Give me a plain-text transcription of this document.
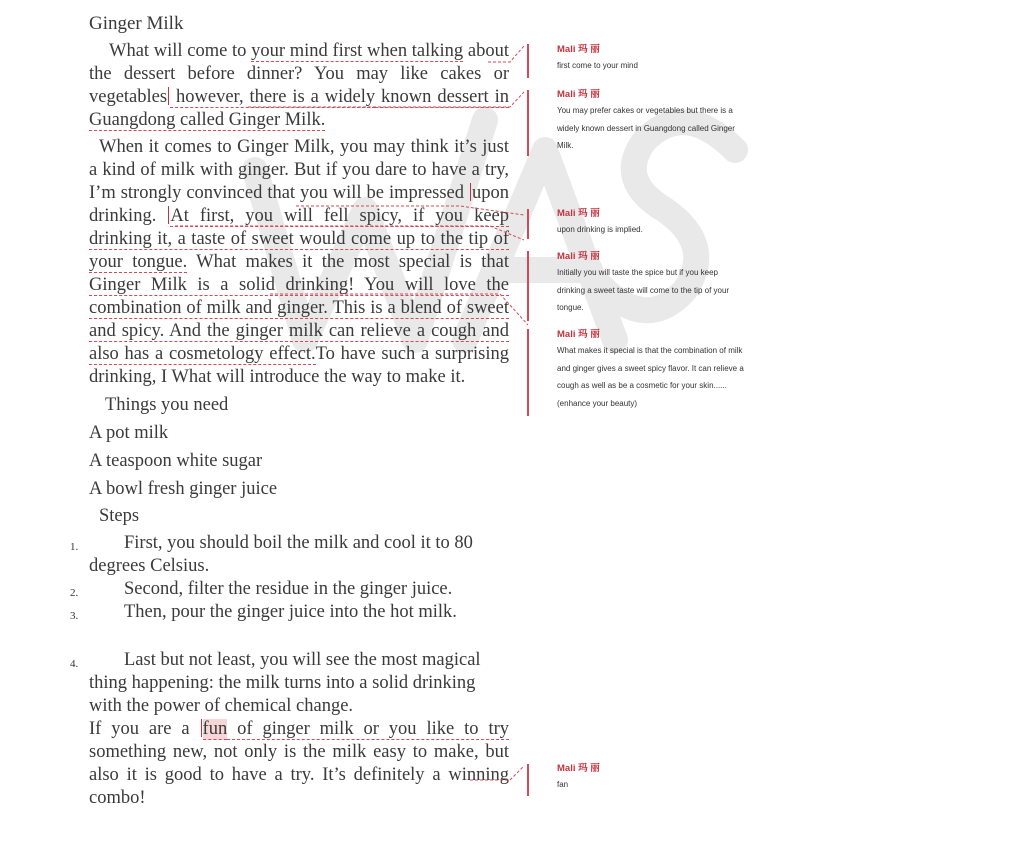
Ginger Milk

What will come to your mind first when talking about the dessert before dinner? You may like cakes or vegetables however, there is a widely known dessert in Guangdong called Ginger Milk.

When it comes to Ginger Milk, you may think it’s just a kind of milk with ginger. But if you dare to have a try, I’m strongly convinced that you will be impressed upon drinking. At first, you will fell spicy, if you keep drinking it, a taste of sweet would come up to the tip of your tongue. What makes it the most special is that Ginger Milk is a solid drinking! You will love the combination of milk and ginger. This is a blend of sweet and spicy. And the ginger milk can relieve a cough and also has a cosmetology effect.To have such a surprising drinking, I What will introduce the way to make it.

Things you need
A pot milk
A teaspoon white sugar
A bowl fresh ginger juice
Steps
1. First, you should boil the milk and cool it to 80 degrees Celsius.
2. Second, filter the residue in the ginger juice.
3. Then, pour the ginger juice into the hot milk.
4. Last but not least, you will see the most magical thing happening: the milk turns into a solid drinking with the power of chemical change.

If you are a fun of ginger milk or you like to try something new, not only is the milk easy to make, but also it is good to have a try. It’s definitely a winning combo!

Mali 玛 丽
first come to your mind
Mali 玛 丽
You may prefer cakes or vegetables but there is a widely known dessert in Guangdong called Ginger Milk.
Mali 玛 丽
upon drinking is implied.
Mali 玛 丽
Initially you will taste the spice but if you keep drinking a sweet taste will come to the tip of your tongue.
Mali 玛 丽
What makes it special is that the combination of milk and ginger gives a sweet spicy flavor. It can relieve a cough as well as be a cosmetic for your skin......(enhance your beauty)
Mali 玛 丽
fan
